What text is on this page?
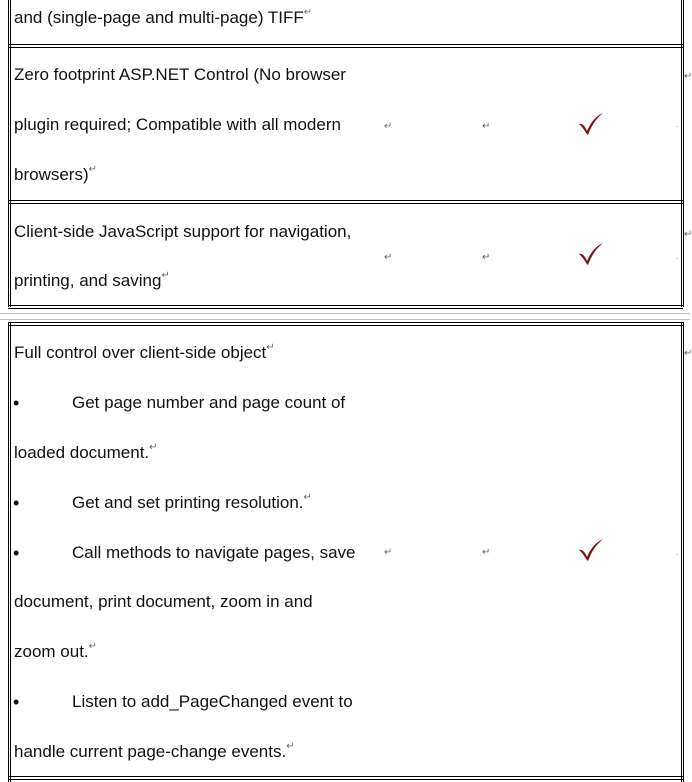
and (single-page and multi-page) TIFF ↵
Zero footprint ASP.NET Control (No browser
plugin required; Compatible with all modern
browsers) ↵
↵	↵	.
↵
Client-side JavaScript support for navigation,
printing, and saving ↵
↵	↵	.
↵
Full control over client-side object ↵
↵
•	Get page number and page count of
loaded document. ↵
•	Get and set printing resolution. ↵
•	Call methods to navigate pages, save
document, print document, zoom in and
zoom out. ↵
•	Listen to add_PageChanged event to
handle current page-change events. ↵
↵	↵	.
